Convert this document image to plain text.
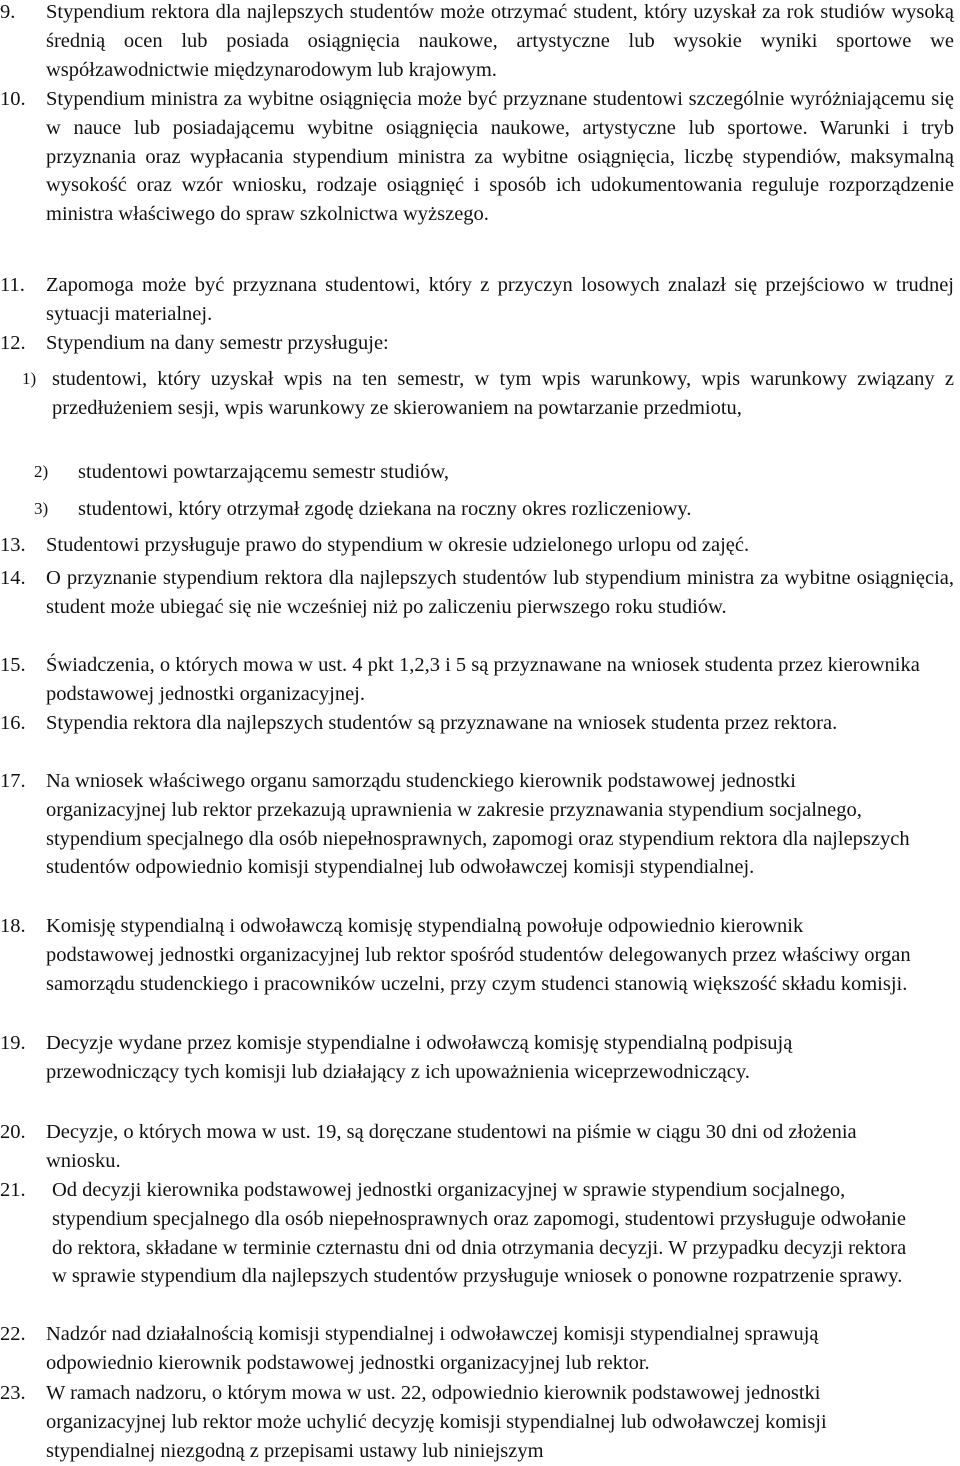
9.	Stypendium rektora dla najlepszych studentów może otrzymać student, który uzyskał za rok studiów wysoką średnią ocen lub posiada osiągnięcia naukowe, artystyczne lub wysokie wyniki sportowe we współzawodnictwie międzynarodowym lub krajowym.
10. Stypendium ministra za wybitne osiągnięcia może być przyznane studentowi szczególnie wyróżniającemu się w nauce lub posiadającemu wybitne osiągnięcia naukowe, artystyczne lub sportowe. Warunki i tryb przyznania oraz wypłacania stypendium ministra za wybitne osiągnięcia, liczbę stypendiów, maksymalną wysokość oraz wzór wniosku, rodzaje osiągnięć i sposób ich udokumentowania reguluje rozporządzenie ministra właściwego do spraw szkolnictwa wyższego.
11.	Zapomoga może być przyznana studentowi, który z przyczyn losowych znalazł się przejściowo w trudnej sytuacji materialnej.
12. Stypendium na dany semestr przysługuje:
1) studentowi, który uzyskał wpis na ten semestr, w tym wpis warunkowy, wpis warunkowy związany z przedłużeniem sesji, wpis warunkowy ze skierowaniem na powtarzanie przedmiotu,
2) studentowi powtarzającemu semestr studiów,
3) studentowi, który otrzymał zgodę dziekana na roczny okres rozliczeniowy.
13. Studentowi przysługuje prawo do stypendium w okresie udzielonego urlopu od zajęć.
14. O przyznanie stypendium rektora dla najlepszych studentów lub stypendium ministra za wybitne osiągnięcia, student może ubiegać się nie wcześniej niż po zaliczeniu pierwszego roku studiów.
15. Świadczenia, o których mowa w ust. 4 pkt 1,2,3 i 5 są przyznawane na wniosek studenta przez kierownika podstawowej jednostki organizacyjnej.
16. Stypendia rektora dla najlepszych studentów są przyznawane na wniosek studenta przez rektora.
17. Na wniosek właściwego organu samorządu studenckiego kierownik podstawowej jednostki organizacyjnej lub rektor przekazują uprawnienia w zakresie przyznawania stypendium socjalnego, stypendium specjalnego dla osób niepełnosprawnych, zapomogi oraz stypendium rektora dla najlepszych studentów odpowiednio komisji stypendialnej lub odwoławczej komisji stypendialnej.
18. Komisję stypendialną i odwoławczą komisję stypendialną powołuje odpowiednio kierownik podstawowej jednostki organizacyjnej lub rektor spośród studentów delegowanych przez właściwy organ samorządu studenckiego i pracowników uczelni, przy czym studenci stanowią większość składu komisji.
19. Decyzje wydane przez komisje stypendialne i odwoławczą komisję stypendialną podpisują przewodniczący tych komisji lub działający z ich upoważnienia wiceprzewodniczący.
20. Decyzje, o których mowa w ust. 19, są doręczane studentowi na piśmie w ciągu 30 dni od złożenia wniosku.
21.	Od decyzji kierownika podstawowej jednostki organizacyjnej w sprawie stypendium socjalnego, stypendium specjalnego dla osób niepełnosprawnych oraz zapomogi, studentowi przysługuje odwołanie do rektora, składane w terminie czternastu dni od dnia otrzymania decyzji. W przypadku decyzji rektora w sprawie stypendium dla najlepszych studentów przysługuje wniosek o ponowne rozpatrzenie sprawy.
22. Nadzór nad działalnością komisji stypendialnej i odwoławczej komisji stypendialnej sprawują odpowiednio kierownik podstawowej jednostki organizacyjnej lub rektor.
23. W ramach nadzoru, o którym mowa w ust. 22, odpowiednio kierownik podstawowej jednostki organizacyjnej lub rektor może uchylić decyzję komisji stypendialnej lub odwoławczej komisji stypendialnej niezgodną z przepisami ustawy lub niniejszym
